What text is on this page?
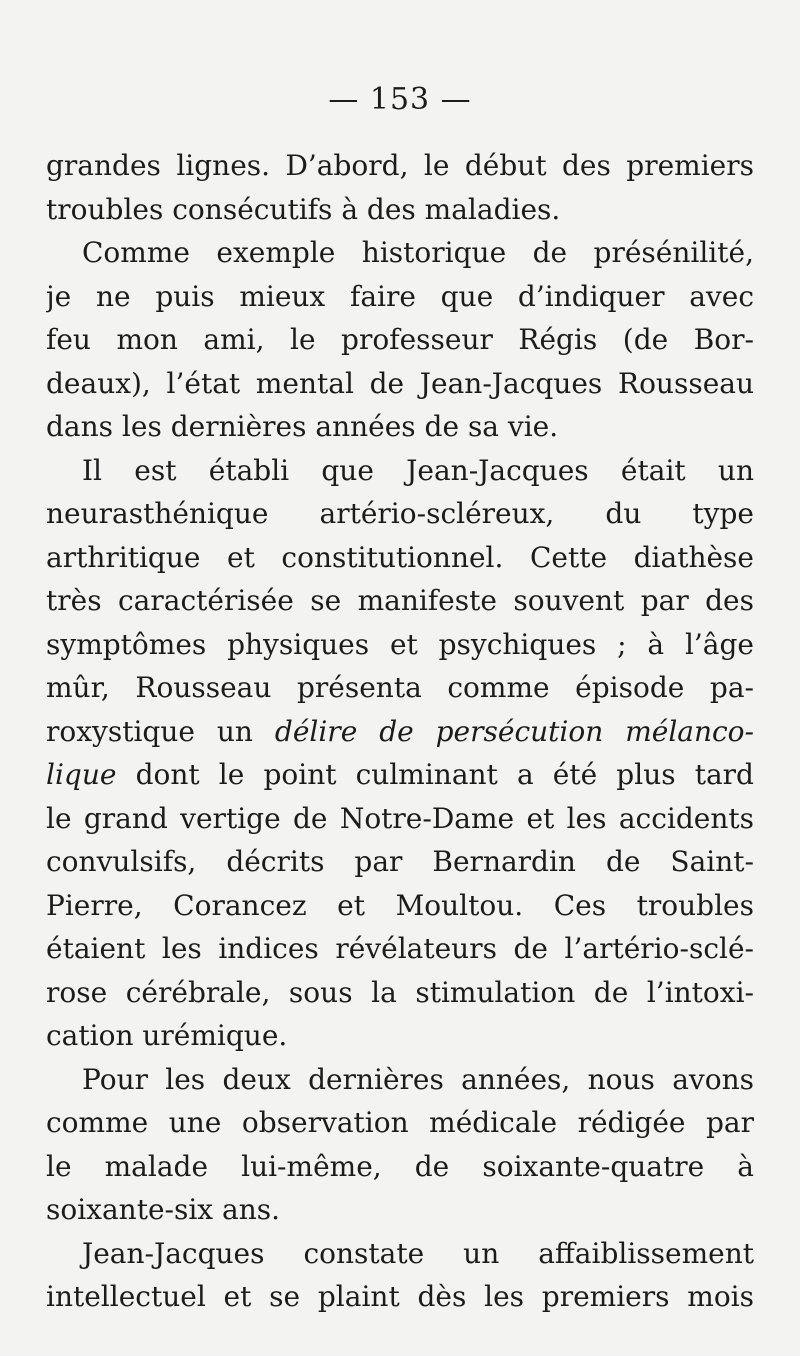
— 153 —
grandes lignes. D’abord, le début des premiers
troubles consécutifs à des maladies.
Comme exemple historique de présénilité,
je ne puis mieux faire que d’indiquer avec
feu mon ami, le professeur Régis (de Bor-
deaux), l’état mental de Jean-Jacques Rousseau
dans les dernières années de sa vie.
Il est établi que Jean-Jacques était un
neurasthénique artério-scléreux, du type
arthritique et constitutionnel. Cette diathèse
très caractérisée se manifeste souvent par des
symptômes physiques et psychiques ; à l’âge
mûr, Rousseau présenta comme épisode pa-
roxystique un délire de persécution mélanco-
lique dont le point culminant a été plus tard
le grand vertige de Notre-Dame et les accidents
convulsifs, décrits par Bernardin de Saint-
Pierre, Corancez et Moultou. Ces troubles
étaient les indices révélateurs de l’artério-sclé-
rose cérébrale, sous la stimulation de l’intoxi-
cation urémique.
Pour les deux dernières années, nous avons
comme une observation médicale rédigée par
le malade lui-même, de soixante-quatre à
soixante-six ans.
Jean-Jacques constate un affaiblissement
intellectuel et se plaint dès les premiers mois
